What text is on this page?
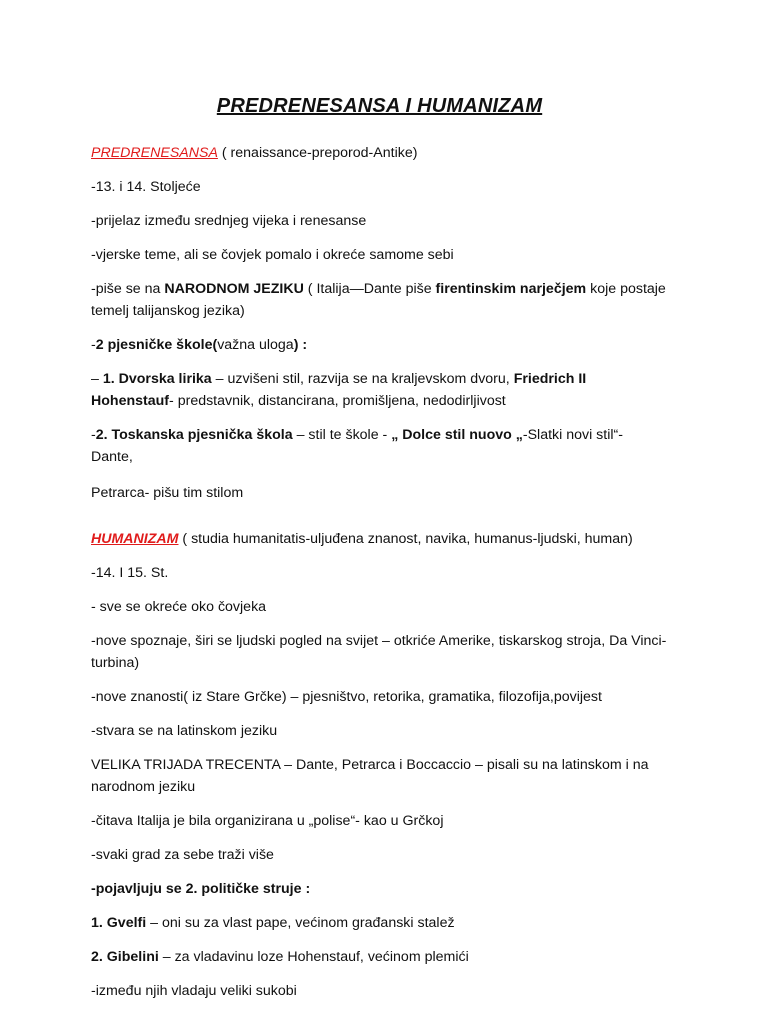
PREDRENESANSA I HUMANIZAM

PREDRENESANSA ( renaissance-preporod-Antike)

-13. i 14. Stoljeće

-prijelaz između srednjeg vijeka i renesanse

-vjerske teme, ali se čovjek pomalo i okreće samome sebi

-piše se na NARODNOM JEZIKU ( Italija—Dante piše firentinskim narječjem koje postaje temelj talijanskog jezika)

-2 pjesničke škole(važna uloga) :

– 1. Dvorska lirika – uzvišeni stil, razvija se na kraljevskom dvoru, Friedrich II Hohenstauf- predstavnik, distancirana, promišljena, nedodirljivost

-2. Toskanska pjesnička škola – stil te škole - „ Dolce stil nuovo „-Slatki novi stil“- Dante,

Petrarca- pišu tim stilom

HUMANIZAM ( studia humanitatis-uljuđena znanost, navika, humanus-ljudski, human)

-14. I 15. St.

- sve se okreće oko čovjeka

-nove spoznaje, širi se ljudski pogled na svijet – otkriće Amerike, tiskarskog stroja, Da Vinci- turbina)

-nove znanosti( iz Stare Grčke) – pjesništvo, retorika, gramatika, filozofija,povijest

-stvara se na latinskom jeziku

VELIKA TRIJADA TRECENTA – Dante, Petrarca i Boccaccio – pisali su na latinskom i na narodnom jeziku

-čitava Italija je bila organizirana u „polise“- kao u Grčkoj

-svaki grad za sebe traži više

-pojavljuju se 2. političke struje :

1. Gvelfi – oni su za vlast pape, većinom građanski stalež

2. Gibelini – za vladavinu loze Hohenstauf, većinom plemići

-između njih vladaju veliki sukobi
